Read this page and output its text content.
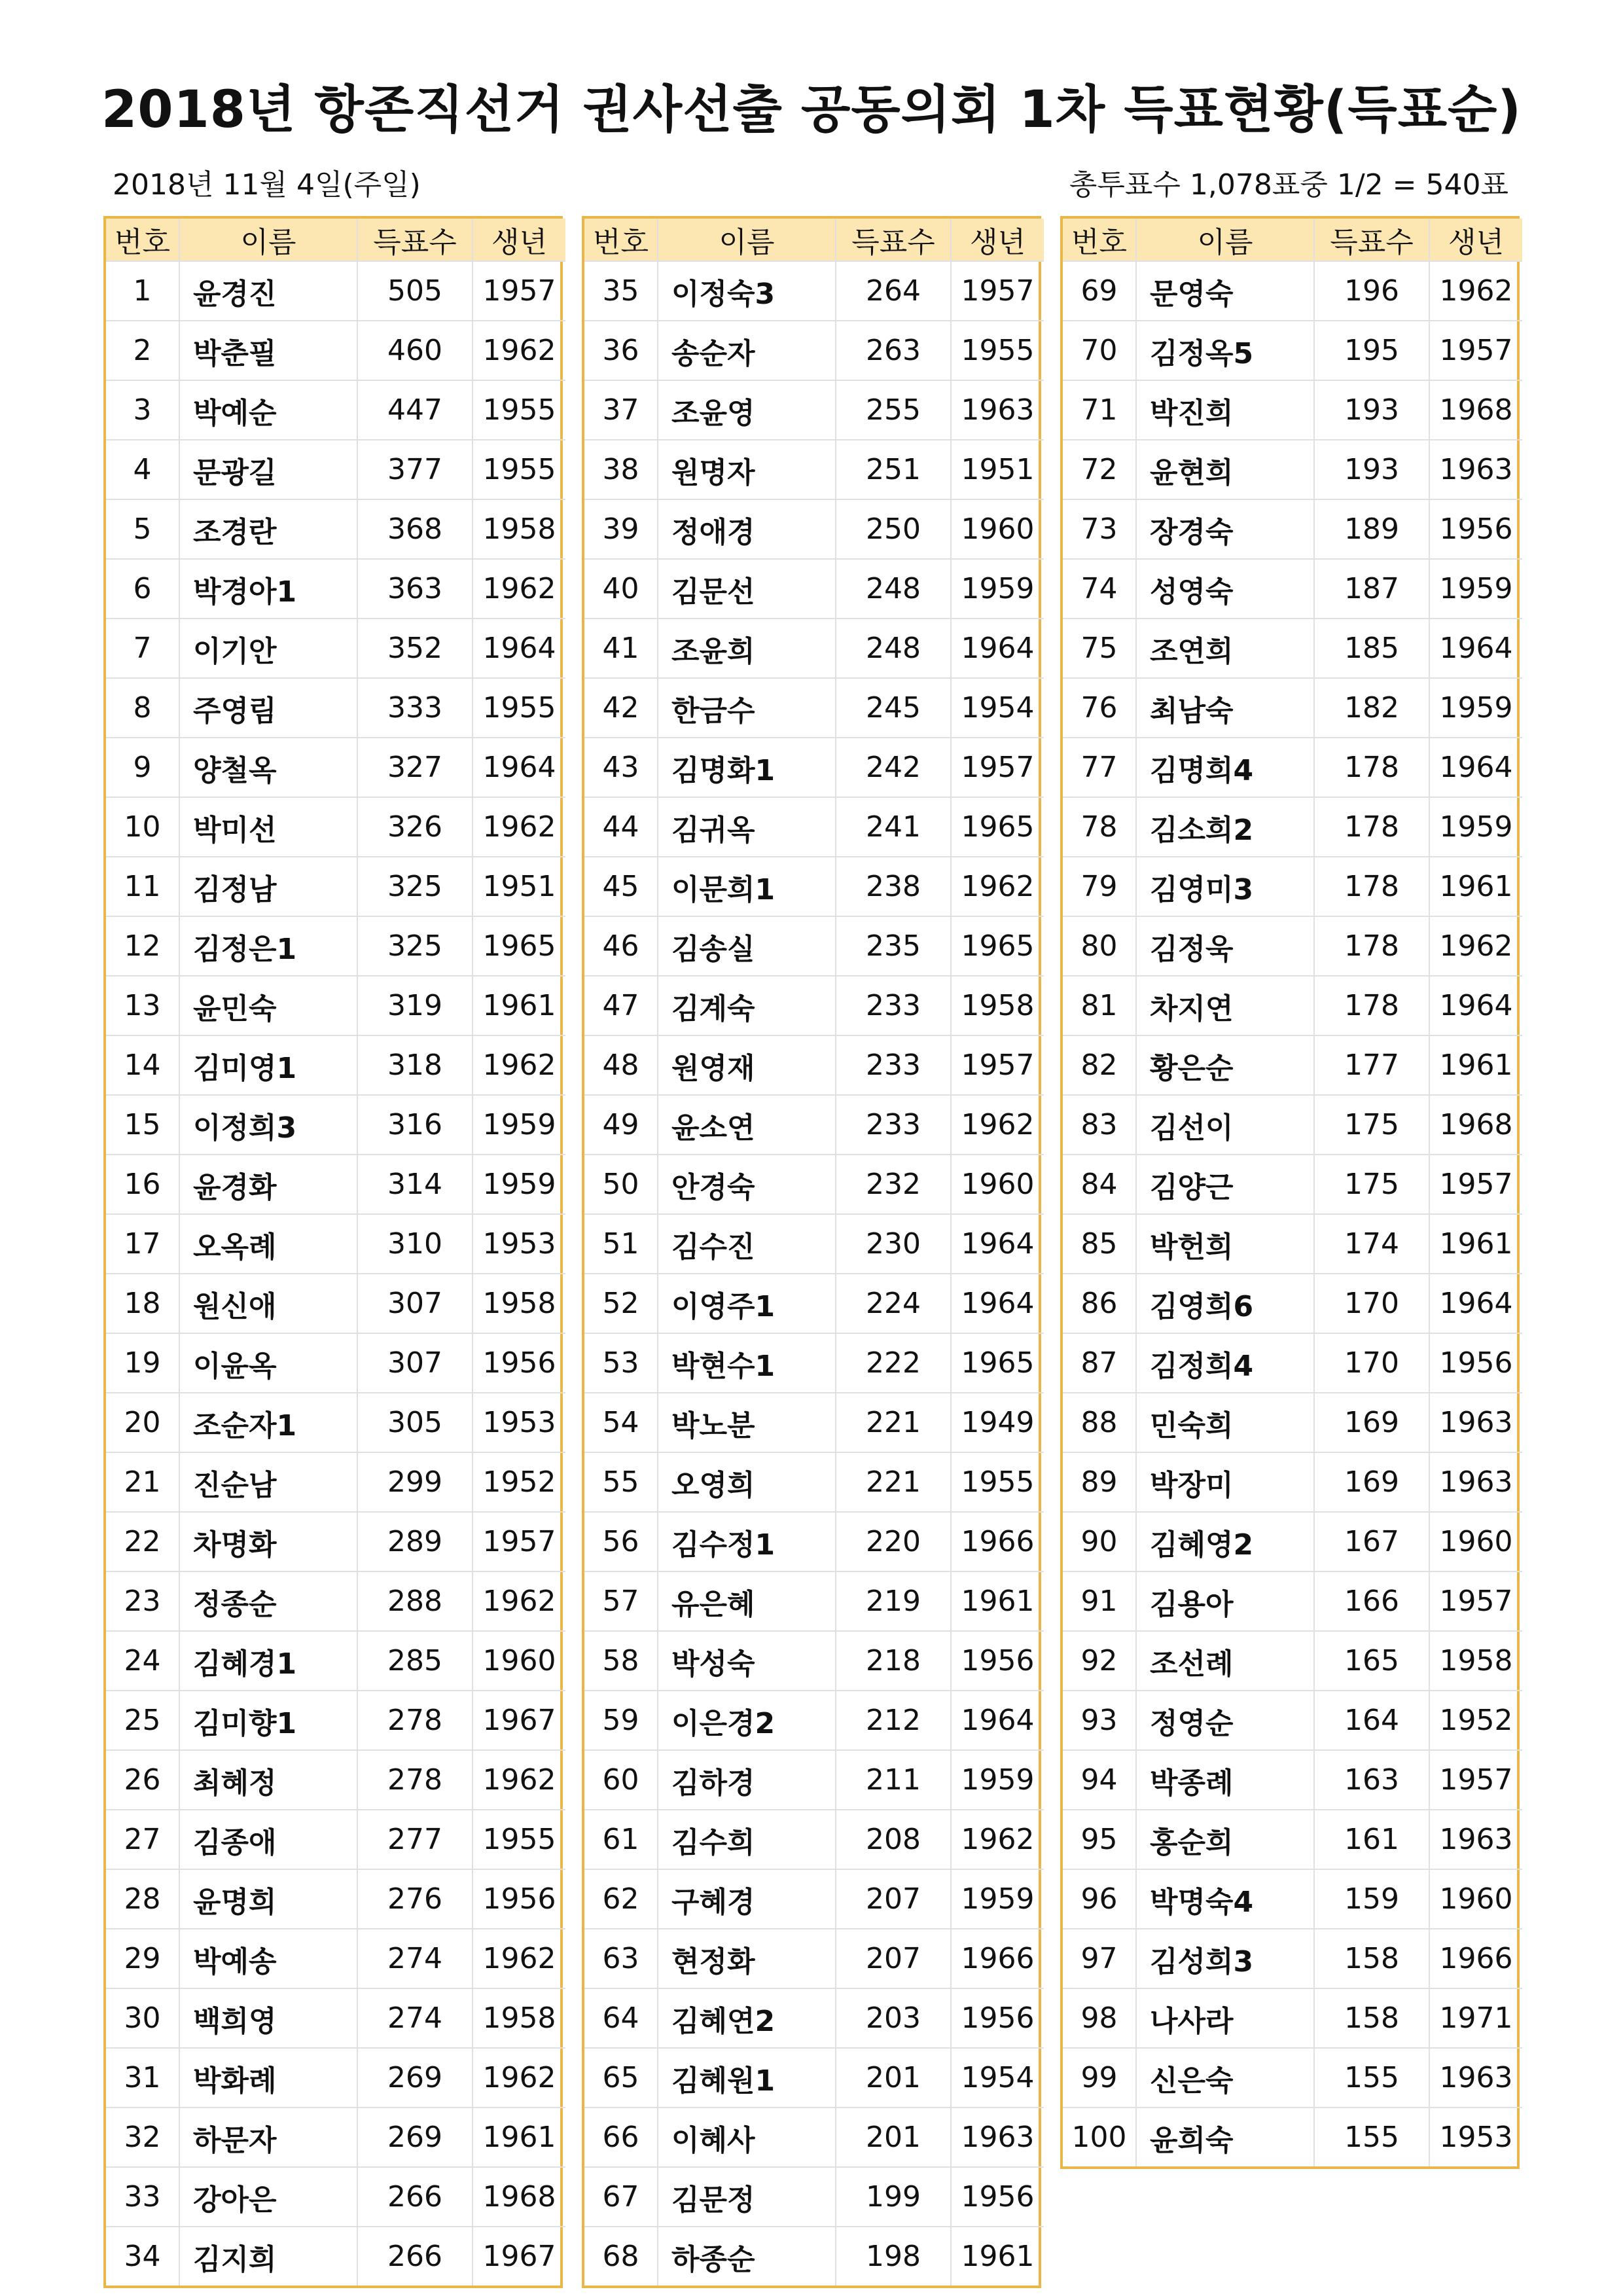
2018년 항존직선거 권사선출 공동의회 1차 득표현황(득표순)
2018년 11월 4일(주일)	총투표수 1,078표중 1/2 = 540표
번호	이름	득표수	생년
1	윤경진	505	1957
2	박춘필	460	1962
3	박예순	447	1955
4	문광길	377	1955
5	조경란	368	1958
6	박경아1	363	1962
7	이기안	352	1964
8	주영림	333	1955
9	양철옥	327	1964
10	박미선	326	1962
11	김정남	325	1951
12	김정은1	325	1965
13	윤민숙	319	1961
14	김미영1	318	1962
15	이정희3	316	1959
16	윤경화	314	1959
17	오옥례	310	1953
18	원신애	307	1958
19	이윤옥	307	1956
20	조순자1	305	1953
21	진순남	299	1952
22	차명화	289	1957
23	정종순	288	1962
24	김혜경1	285	1960
25	김미향1	278	1967
26	최혜정	278	1962
27	김종애	277	1955
28	윤명희	276	1956
29	박예송	274	1962
30	백희영	274	1958
31	박화례	269	1962
32	하문자	269	1961
33	강아은	266	1968
34	김지희	266	1967
번호	이름	득표수	생년
35	이정숙3	264	1957
36	송순자	263	1955
37	조윤영	255	1963
38	원명자	251	1951
39	정애경	250	1960
40	김문선	248	1959
41	조윤희	248	1964
42	한금수	245	1954
43	김명화1	242	1957
44	김귀옥	241	1965
45	이문희1	238	1962
46	김송실	235	1965
47	김계숙	233	1958
48	원영재	233	1957
49	윤소연	233	1962
50	안경숙	232	1960
51	김수진	230	1964
52	이영주1	224	1964
53	박현수1	222	1965
54	박노분	221	1949
55	오영희	221	1955
56	김수정1	220	1966
57	유은혜	219	1961
58	박성숙	218	1956
59	이은경2	212	1964
60	김하경	211	1959
61	김수희	208	1962
62	구혜경	207	1959
63	현정화	207	1966
64	김혜연2	203	1956
65	김혜원1	201	1954
66	이혜사	201	1963
67	김문정	199	1956
68	하종순	198	1961
번호	이름	득표수	생년
69	문영숙	196	1962
70	김정옥5	195	1957
71	박진희	193	1968
72	윤현희	193	1963
73	장경숙	189	1956
74	성영숙	187	1959
75	조연희	185	1964
76	최남숙	182	1959
77	김명희4	178	1964
78	김소희2	178	1959
79	김영미3	178	1961
80	김정욱	178	1962
81	차지연	178	1964
82	황은순	177	1961
83	김선이	175	1968
84	김양근	175	1957
85	박헌희	174	1961
86	김영희6	170	1964
87	김정희4	170	1956
88	민숙희	169	1963
89	박장미	169	1963
90	김혜영2	167	1960
91	김용아	166	1957
92	조선례	165	1958
93	정영순	164	1952
94	박종례	163	1957
95	홍순희	161	1963
96	박명숙4	159	1960
97	김성희3	158	1966
98	나사라	158	1971
99	신은숙	155	1963
100	윤희숙	155	1953
